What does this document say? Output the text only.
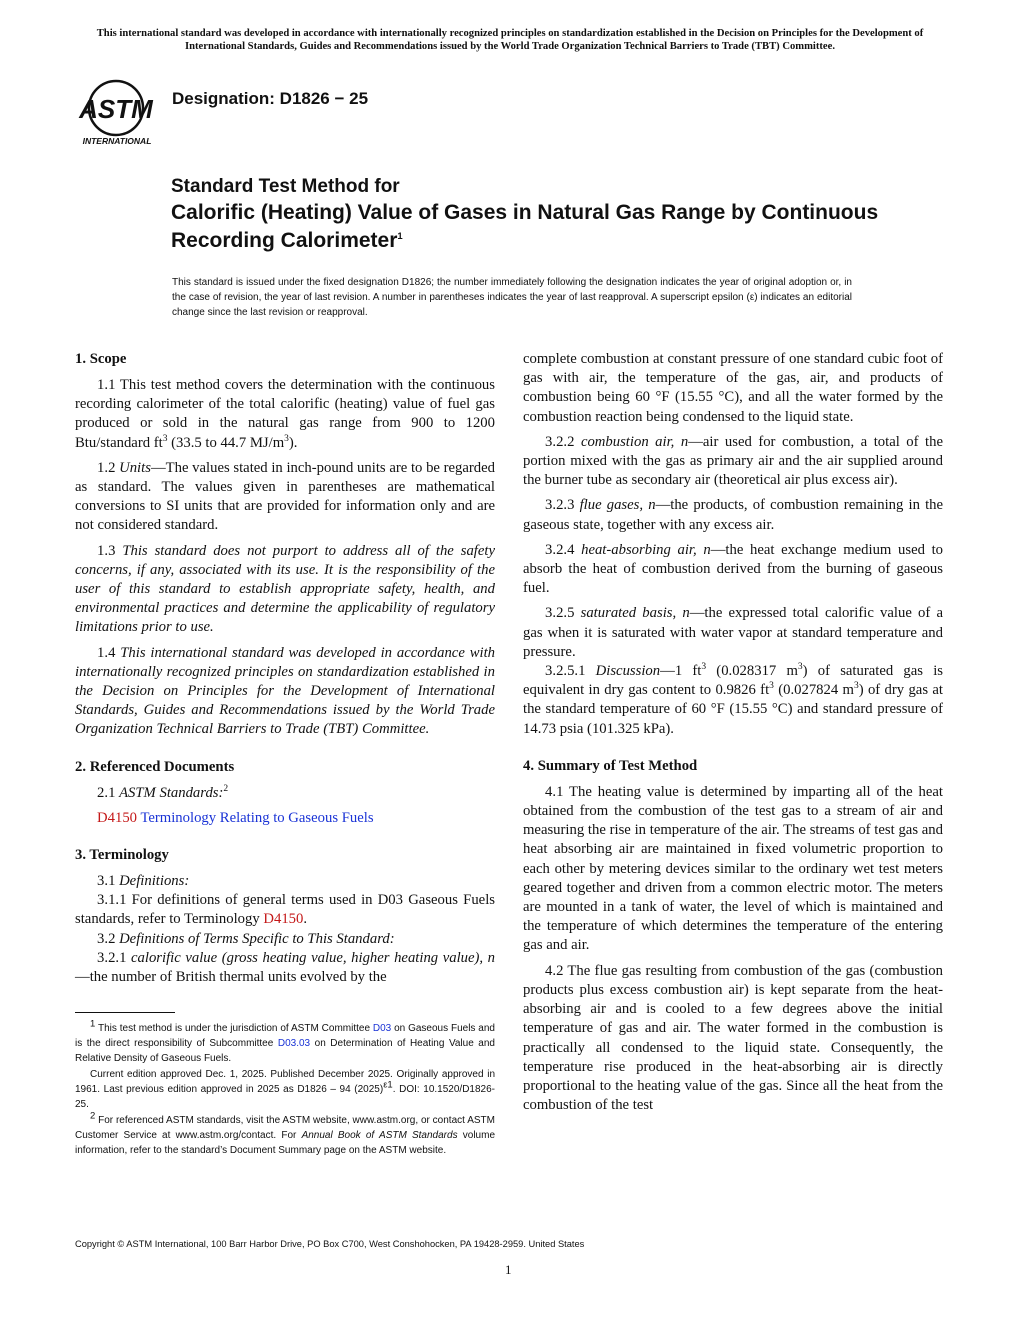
This international standard was developed in accordance with internationally recognized principles on standardization established in the Decision on Principles for the Development of International Standards, Guides and Recommendations issued by the World Trade Organization Technical Barriers to Trade (TBT) Committee.
ASTM
INTERNATIONAL
Designation: D1826 − 25
Standard Test Method for
Calorific (Heating) Value of Gases in Natural Gas Range by Continuous Recording Calorimeter$^1$
This standard is issued under the fixed designation D1826; the number immediately following the designation indicates the year of original adoption or, in the case of revision, the year of last revision. A number in parentheses indicates the year of last reapproval. A superscript epsilon (ε) indicates an editorial change since the last revision or reapproval.
1. Scope

1.1 This test method covers the determination with the continuous recording calorimeter of the total calorific (heating) value of fuel gas produced or sold in the natural gas range from 900 to 1200 Btu/standard $ft^3$ (33.5 to 44.7 $MJ/m^3$).

1.2 Units—The values stated in inch-pound units are to be regarded as standard. The values given in parentheses are mathematical conversions to SI units that are provided for information only and are not considered standard.

1.3 This standard does not purport to address all of the safety concerns, if any, associated with its use. It is the responsibility of the user of this standard to establish appropriate safety, health, and environmental practices and determine the applicability of regulatory limitations prior to use.

1.4 This international standard was developed in accordance with internationally recognized principles on standardization established in the Decision on Principles for the Development of International Standards, Guides and Recommendations issued by the World Trade Organization Technical Barriers to Trade (TBT) Committee.

2. Referenced Documents

2.1 ASTM Standards:$^2$

D4150 Terminology Relating to Gaseous Fuels

3. Terminology

3.1 Definitions:

3.1.1 For definitions of general terms used in D03 Gaseous Fuels standards, refer to Terminology D4150.

3.2 Definitions of Terms Specific to This Standard:

3.2.1 calorific value (gross heating value, higher heating value), n—the number of British thermal units evolved by the

complete combustion at constant pressure of one standard cubic foot of gas with air, the temperature of the gas, air, and products of combustion being 60 °F (15.55 °C), and all the water formed by the combustion reaction being condensed to the liquid state.

3.2.2 combustion air, n—air used for combustion, a total of the portion mixed with the gas as primary air and the air supplied around the burner tube as secondary air (theoretical air plus excess air).

3.2.3 flue gases, n—the products, of combustion remaining in the gaseous state, together with any excess air.

3.2.4 heat-absorbing air, n—the heat exchange medium used to absorb the heat of combustion derived from the burning of gaseous fuel.

3.2.5 saturated basis, n—the expressed total calorific value of a gas when it is saturated with water vapor at standard temperature and pressure.

3.2.5.1 Discussion—1 $ft^3$ (0.028317 $m^3$) of saturated gas is equivalent in dry gas content to 0.9826 $ft^3$ (0.027824 $m^3$) of dry gas at the standard temperature of 60 °F (15.55 °C) and standard pressure of 14.73 psia (101.325 kPa).

4. Summary of Test Method

4.1 The heating value is determined by imparting all of the heat obtained from the combustion of the test gas to a stream of air and measuring the rise in temperature of the air. The streams of test gas and heat absorbing air are maintained in fixed volumetric proportion to each other by metering devices similar to the ordinary wet test meters geared together and driven from a common electric motor. The meters are mounted in a tank of water, the level of which is maintained and the temperature of which determines the temperature of the entering gas and air.

4.2 The flue gas resulting from combustion of the gas (combustion products plus excess combustion air) is kept separate from the heat-absorbing air and is cooled to a few degrees above the initial temperature of gas and air. The water formed in the combustion is practically all condensed to the liquid state. Consequently, the temperature rise produced in the heat-absorbing air is directly proportional to the heating value of the gas. Since all the heat from the combustion of the test

$^1$ This test method is under the jurisdiction of ASTM Committee D03 on Gaseous Fuels and is the direct responsibility of Subcommittee D03.03 on Determination of Heating Value and Relative Density of Gaseous Fuels.

Current edition approved Dec. 1, 2025. Published December 2025. Originally approved in 1961. Last previous edition approved in 2025 as D1826 – 94 $(2025)^{\varepsilon 1}$. DOI: 10.1520/D1826-25.

$^2$ For referenced ASTM standards, visit the ASTM website, www.astm.org, or contact ASTM Customer Service at www.astm.org/contact. For Annual Book of ASTM Standards volume information, refer to the standard’s Document Summary page on the ASTM website.

Copyright © ASTM International, 100 Barr Harbor Drive, PO Box C700, West Conshohocken, PA 19428-2959. United States
1
